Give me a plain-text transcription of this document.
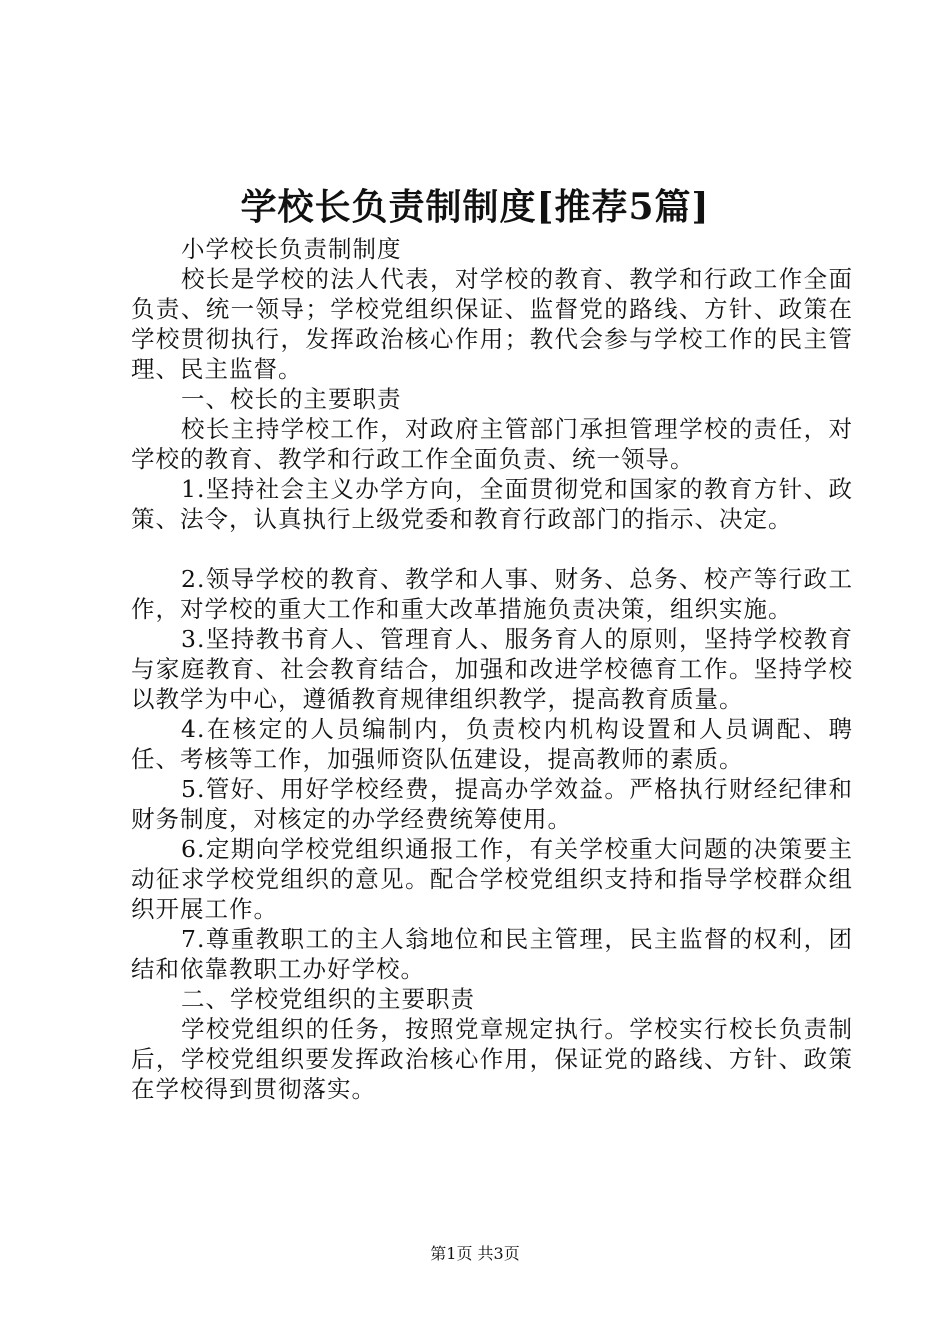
学校长负责制制度[推荐5篇]

小学校长负责制制度

校长是学校的法人代表，对学校的教育、教学和行政工作全面负责、统一领导；学校党组织保证、监督党的路线、方针、政策在学校贯彻执行，发挥政治核心作用；教代会参与学校工作的民主管理、民主监督。

一、校长的主要职责

校长主持学校工作，对政府主管部门承担管理学校的责任，对学校的教育、教学和行政工作全面负责、统一领导。

1.坚持社会主义办学方向，全面贯彻党和国家的教育方针、政策、法令，认真执行上级党委和教育行政部门的指示、决定。

2.领导学校的教育、教学和人事、财务、总务、校产等行政工作，对学校的重大工作和重大改革措施负责决策，组织实施。

3.坚持教书育人、管理育人、服务育人的原则，坚持学校教育与家庭教育、社会教育结合，加强和改进学校德育工作。坚持学校以教学为中心，遵循教育规律组织教学，提高教育质量。

4.在核定的人员编制内，负责校内机构设置和人员调配、聘任、考核等工作，加强师资队伍建设，提高教师的素质。

5.管好、用好学校经费，提高办学效益。严格执行财经纪律和财务制度，对核定的办学经费统筹使用。

6.定期向学校党组织通报工作，有关学校重大问题的决策要主动征求学校党组织的意见。配合学校党组织支持和指导学校群众组织开展工作。

7.尊重教职工的主人翁地位和民主管理，民主监督的权利，团结和依靠教职工办好学校。

二、学校党组织的主要职责

学校党组织的任务，按照党章规定执行。学校实行校长负责制后，学校党组织要发挥政治核心作用，保证党的路线、方针、政策在学校得到贯彻落实。

第1页 共3页
